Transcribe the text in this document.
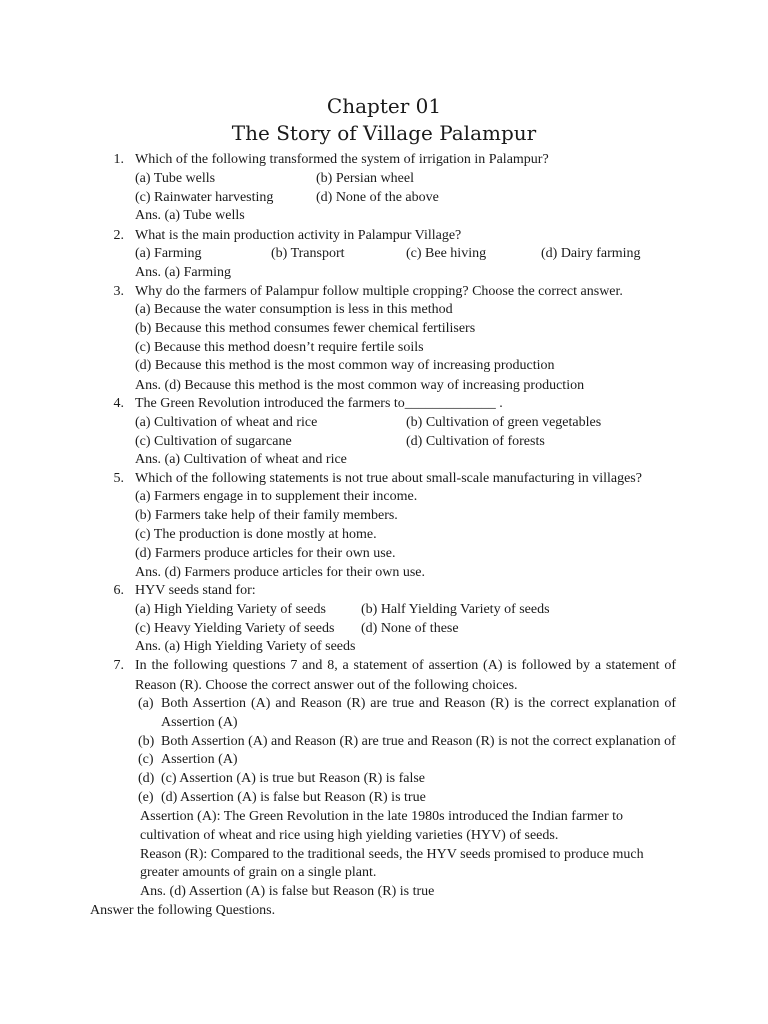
Chapter 01
The Story of Village Palampur
1. Which of the following transformed the system of irrigation in Palampur?
(a) Tube wells	(b) Persian wheel
(c) Rainwater harvesting	(d) None of the above
Ans. (a) Tube wells
2. What is the main production activity in Palampur Village?
(a) Farming	(b) Transport	(c) Bee hiving	(d) Dairy farming
Ans. (a) Farming
3. Why do the farmers of Palampur follow multiple cropping? Choose the correct answer.
(a) Because the water consumption is less in this method
(b) Because this method consumes fewer chemical fertilisers
(c) Because this method doesn’t require fertile soils
(d) Because this method is the most common way of increasing production
Ans. (d) Because this method is the most common way of increasing production
4. The Green Revolution introduced the farmers to_____________ .
(a) Cultivation of wheat and rice	(b) Cultivation of green vegetables
(c) Cultivation of sugarcane	(d) Cultivation of forests
Ans. (a) Cultivation of wheat and rice
5. Which of the following statements is not true about small-scale manufacturing in villages?
(a) Farmers engage in to supplement their income.
(b) Farmers take help of their family members.
(c) The production is done mostly at home.
(d) Farmers produce articles for their own use.
Ans. (d) Farmers produce articles for their own use.
6. HYV seeds stand for:
(a) High Yielding Variety of seeds	(b) Half Yielding Variety of seeds
(c) Heavy Yielding Variety of seeds (d) None of these
Ans. (a) High Yielding Variety of seeds
7. In the following questions 7 and 8, a statement of assertion (A) is followed by a statement of
Reason (R). Choose the correct answer out of the following choices.
(a) Both Assertion (A) and Reason (R) are true and Reason (R) is the correct explanation of
Assertion (A)
(b) Both Assertion (A) and Reason (R) are true and Reason (R) is not the correct explanation of
(c) Assertion (A)
(d) (c) Assertion (A) is true but Reason (R) is false
(e) (d) Assertion (A) is false but Reason (R) is true
Assertion (A): The Green Revolution in the late 1980s introduced the Indian farmer to
cultivation of wheat and rice using high yielding varieties (HYV) of seeds.
Reason (R): Compared to the traditional seeds, the HYV seeds promised to produce much
greater amounts of grain on a single plant.
Ans. (d) Assertion (A) is false but Reason (R) is true
Answer the following Questions.
